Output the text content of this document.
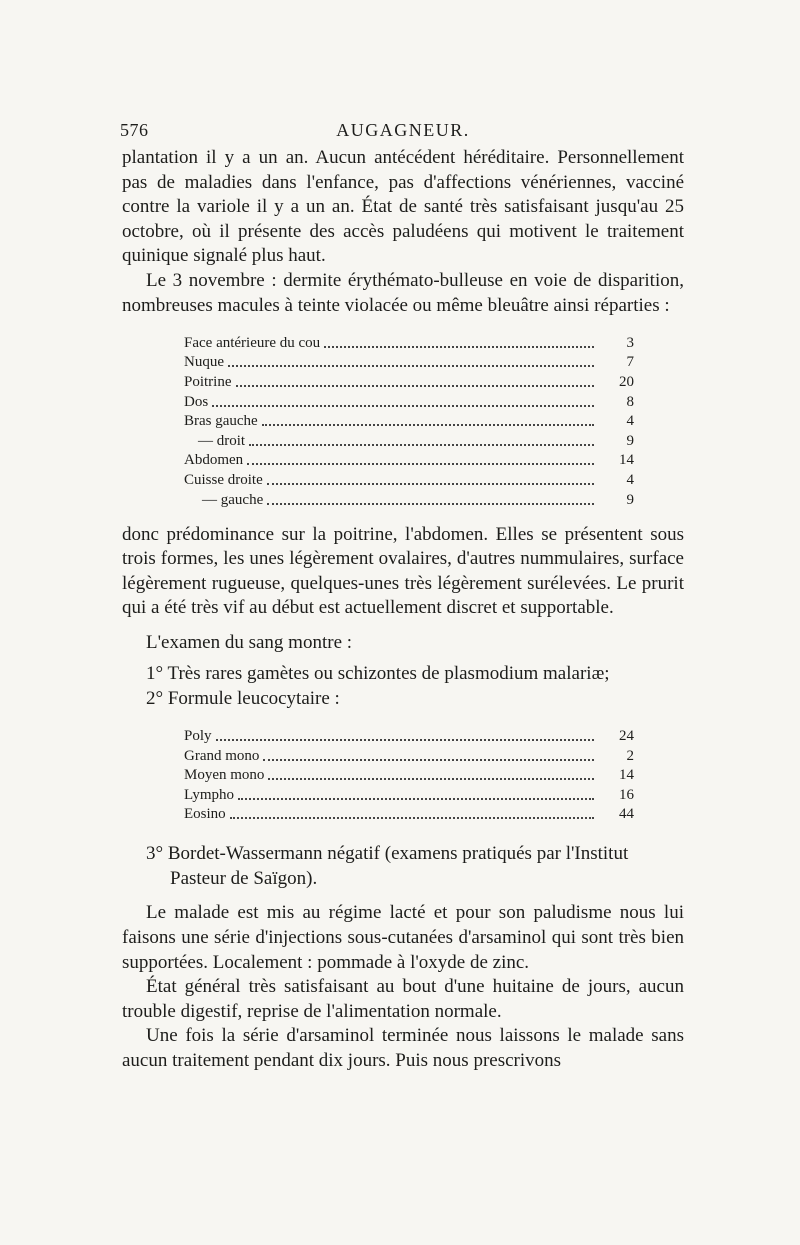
576	AUGAGNEUR.

plantation il y a un an. Aucun antécédent héréditaire. Personnellement pas de maladies dans l'enfance, pas d'affections vénériennes, vacciné contre la variole il y a un an. État de santé très satisfaisant jusqu'au 25 octobre, où il présente des accès paludéens qui motivent le traitement quinique signalé plus haut.

Le 3 novembre : dermite érythémato-bulleuse en voie de disparition, nombreuses macules à teinte violacée ou même bleuâtre ainsi réparties :

Face antérieure du cou	3
Nuque	7
Poitrine	20
Dos	8
Bras gauche	4
— droit	9
Abdomen	14
Cuisse droite	4
— gauche	9

donc prédominance sur la poitrine, l'abdomen. Elles se présentent sous trois formes, les unes légèrement ovalaires, d'autres nummulaires, surface légèrement rugueuse, quelques-unes très légèrement surélevées. Le prurit qui a été très vif au début est actuellement discret et supportable.

L'examen du sang montre :

1° Très rares gamètes ou schizontes de plasmodium malariæ;

2° Formule leucocytaire :

Poly	24
Grand mono	2
Moyen mono	14
Lympho	16
Eosino	44

3° Bordet-Wassermann négatif (examens pratiqués par l'Institut Pasteur de Saïgon).

Le malade est mis au régime lacté et pour son paludisme nous lui faisons une série d'injections sous-cutanées d'arsaminol qui sont très bien supportées. Localement : pommade à l'oxyde de zinc.

État général très satisfaisant au bout d'une huitaine de jours, aucun trouble digestif, reprise de l'alimentation normale.

Une fois la série d'arsaminol terminée nous laissons le malade sans aucun traitement pendant dix jours. Puis nous prescrivons
